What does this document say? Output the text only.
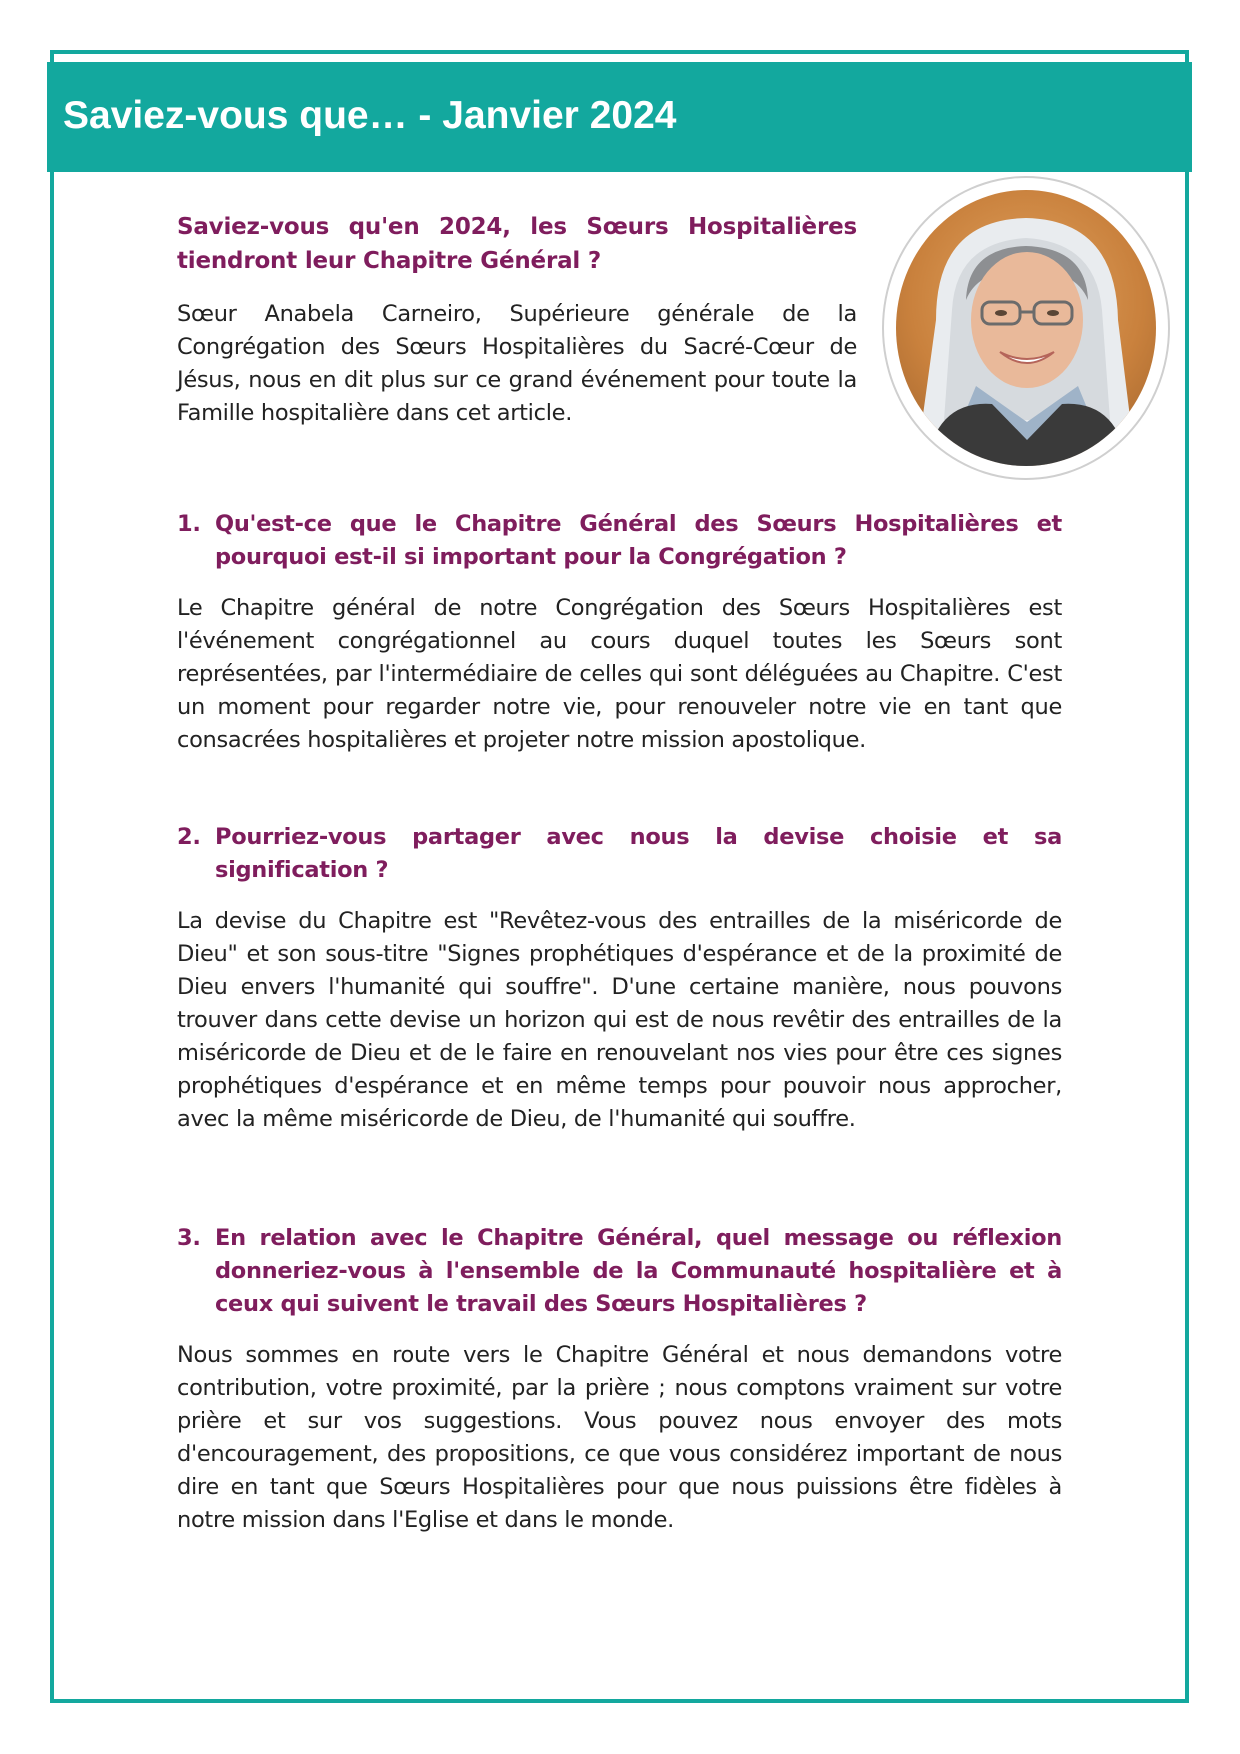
Saviez-vous que… - Janvier 2024

Saviez-vous qu'en 2024, les Sœurs Hospitalières tiendront leur Chapitre Général ?

Sœur Anabela Carneiro, Supérieure générale de la Congrégation des Sœurs Hospitalières du Sacré-Cœur de Jésus, nous en dit plus sur ce grand événement pour toute la Famille hospitalière dans cet article.

1. Qu'est-ce que le Chapitre Général des Sœurs Hospitalières et pourquoi est-il si important pour la Congrégation ?

Le Chapitre général de notre Congrégation des Sœurs Hospitalières est l'événement congrégationnel au cours duquel toutes les Sœurs sont représentées, par l'intermédiaire de celles qui sont déléguées au Chapitre. C'est un moment pour regarder notre vie, pour renouveler notre vie en tant que consacrées hospitalières et projeter notre mission apostolique.

2. Pourriez-vous partager avec nous la devise choisie et sa signification ?

La devise du Chapitre est "Revêtez-vous des entrailles de la miséricorde de Dieu" et son sous-titre "Signes prophétiques d'espérance et de la proximité de Dieu envers l'humanité qui souffre". D'une certaine manière, nous pouvons trouver dans cette devise un horizon qui est de nous revêtir des entrailles de la miséricorde de Dieu et de le faire en renouvelant nos vies pour être ces signes prophétiques d'espérance et en même temps pour pouvoir nous approcher, avec la même miséricorde de Dieu, de l'humanité qui souffre.

3. En relation avec le Chapitre Général, quel message ou réflexion donneriez-vous à l'ensemble de la Communauté hospitalière et à ceux qui suivent le travail des Sœurs Hospitalières ?

Nous sommes en route vers le Chapitre Général et nous demandons votre contribution, votre proximité, par la prière ; nous comptons vraiment sur votre prière et sur vos suggestions. Vous pouvez nous envoyer des mots d'encouragement, des propositions, ce que vous considérez important de nous dire en tant que Sœurs Hospitalières pour que nous puissions être fidèles à notre mission dans l'Eglise et dans le monde.
